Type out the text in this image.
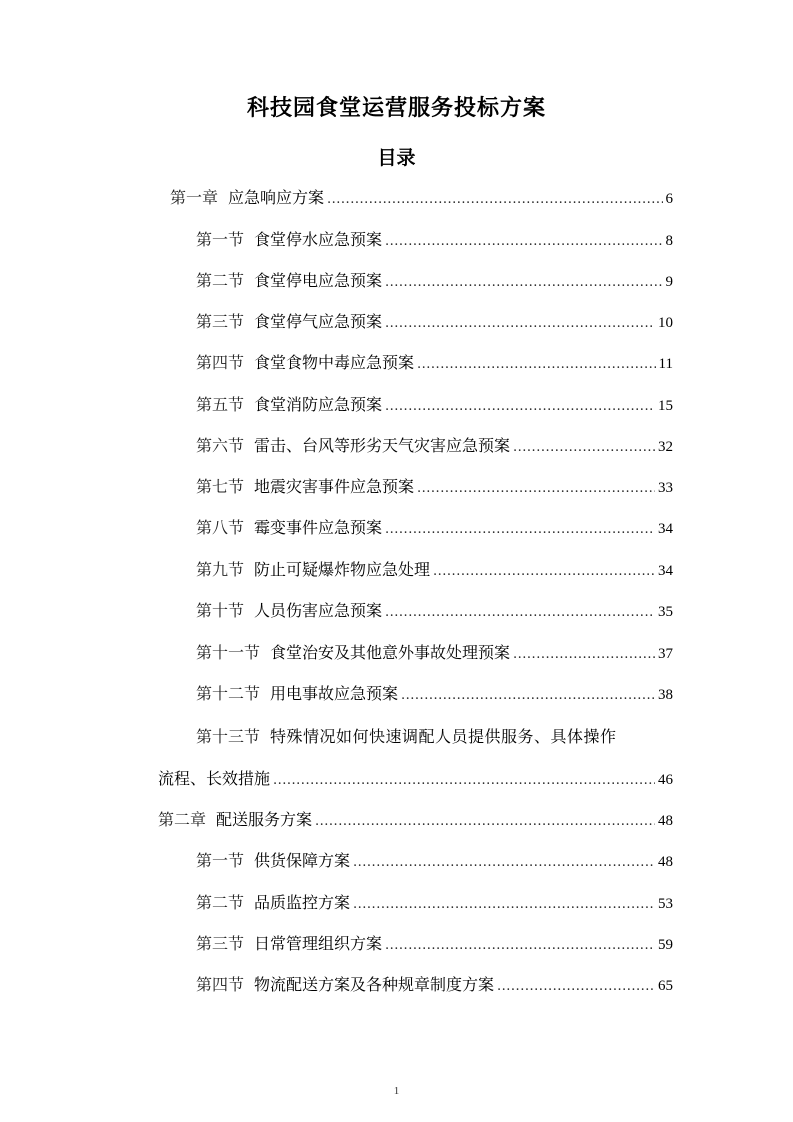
科技园食堂运营服务投标方案
目录
第一章 应急响应方案 .....	6
第一节 食堂停水应急预案 .....	8
第二节 食堂停电应急预案 .....	9
第三节 食堂停气应急预案 .....	10
第四节 食堂食物中毒应急预案 .....	11
第五节 食堂消防应急预案 .....	15
第六节 雷击、台风等形劣天气灾害应急预案 .....	32
第七节 地震灾害事件应急预案 .....	33
第八节 霉变事件应急预案 .....	34
第九节 防止可疑爆炸物应急处理 .....	34
第十节 人员伤害应急预案 .....	35
第十一节 食堂治安及其他意外事故处理预案 .....	37
第十二节 用电事故应急预案 .....	38
第十三节 特殊情况如何快速调配人员提供服务、具体操作
流程、长效措施 .....	46
第二章 配送服务方案 .....	48
第一节 供货保障方案 .....	48
第二节 品质监控方案 .....	53
第三节 日常管理组织方案 .....	59
第四节 物流配送方案及各种规章制度方案 .....	65
1
